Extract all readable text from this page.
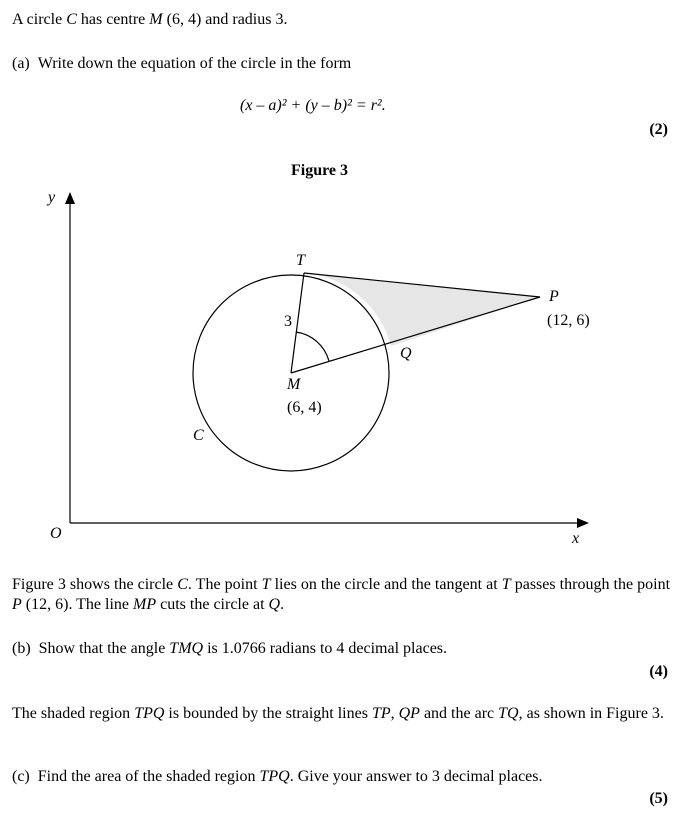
A circle C has centre M (6, 4) and radius 3.
(a) Write down the equation of the circle in the form
(x – a)² + (y – b)² = r².
(2)
Figure 3
y
x
O
T
P
(12, 6)
Q
M
(6, 4)
C
3
Figure 3 shows the circle C. The point T lies on the circle and the tangent at T passes through the point P (12, 6). The line MP cuts the circle at Q.
(b) Show that the angle TMQ is 1.0766 radians to 4 decimal places.
(4)
The shaded region TPQ is bounded by the straight lines TP, QP and the arc TQ, as shown in Figure 3.
(c) Find the area of the shaded region TPQ. Give your answer to 3 decimal places.
(5)
